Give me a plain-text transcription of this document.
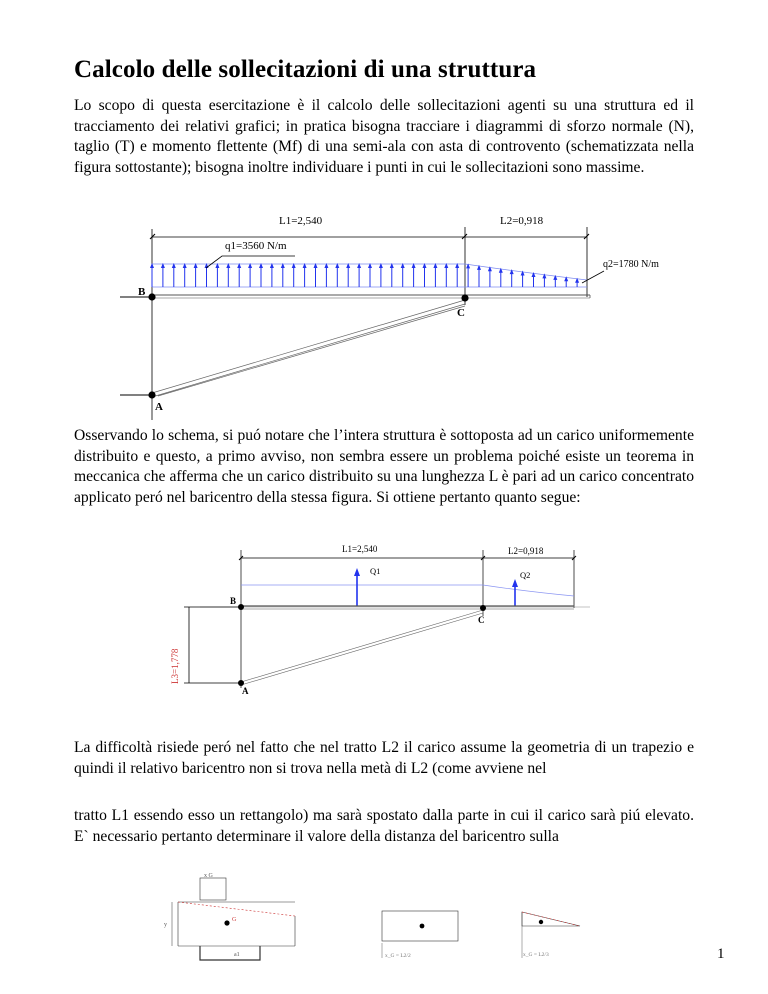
Calcolo delle sollecitazioni di una struttura

Lo scopo di questa esercitazione è il calcolo delle sollecitazioni agenti su una struttura ed il tracciamento dei relativi grafici; in pratica bisogna tracciare i diagrammi di sforzo normale (N), taglio (T) e momento flettente (Mf) di una semi-ala con asta di controvento (schematizzata nella figura sottostante); bisogna inoltre individuare i punti in cui le sollecitazioni sono massime.

L1=2,540	L2=0,918
q1=3560 N/m
q2=1780 N/m
B
C
A

Osservando lo schema, si puó notare che l’intera struttura è sottoposta ad un carico uniformemente distribuito e questo, a primo avviso, non sembra essere un problema poiché esiste un teorema in meccanica che afferma che un carico distribuito su una lunghezza L è pari ad un carico concentrato applicato peró nel baricentro della stessa figura. Si ottiene pertanto quanto segue:

L1=2,540	L2=0,918
Q1	Q2
L3=1,778
B
C
A

La difficoltà risiede peró nel fatto che nel tratto L2 il carico assume la geometria di un trapezio e quindi il relativo baricentro non si trova nella metà di L2 (come avviene nel

tratto L1 essendo esso un rettangolo) ma sarà spostato dalla parte in cui il carico sarà piú elevato. E` necessario pertanto determinare il valore della distanza del baricentro sulla

x G
y
G
a1	x_G = L2/2	x_G = L2/3	1
